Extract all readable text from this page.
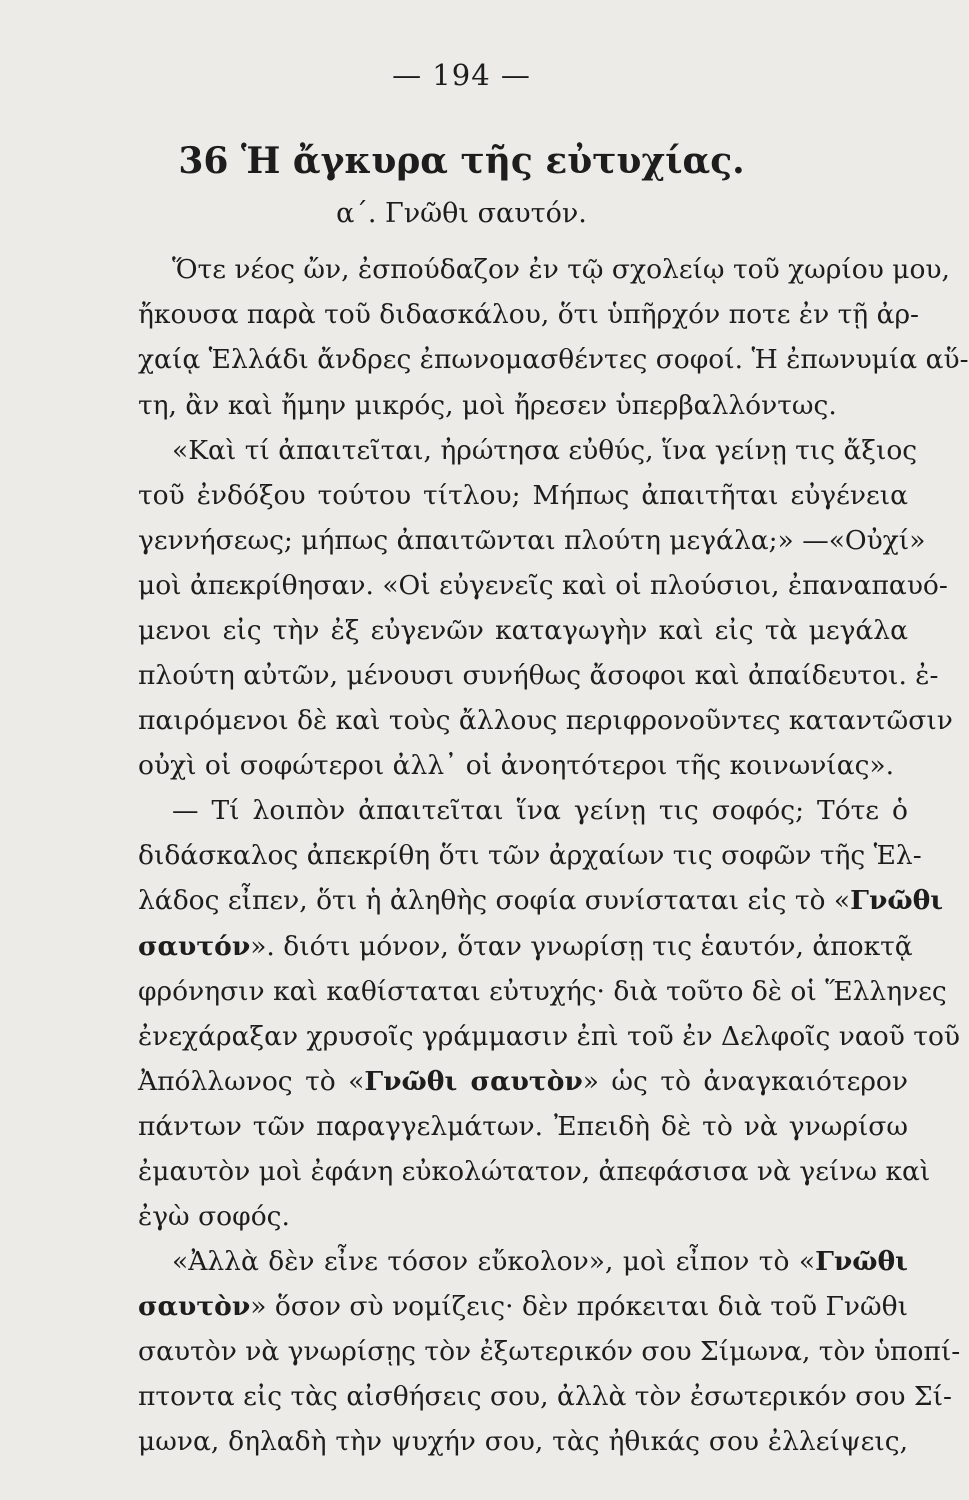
— 194 —
36 Ἡ ἄγκυρα τῆς εὐτυχίας.
α΄. Γνῶθι σαυτόν.
Ὅτε νέος ὤν, ἐσπούδαζον ἐν τῷ σχολείῳ τοῦ χωρίου μου,
ἤκουσα παρὰ τοῦ διδασκάλου, ὅτι ὑπῆρχόν ποτε ἐν τῇ ἀρ-
χαίᾳ Ἑλλάδι ἄνδρες ἐπωνομασθέντες σοφοί. Ἡ ἐπωνυμία αὕ-
τη, ἂν καὶ ἤμην μικρός, μοὶ ἤρεσεν ὑπερβαλλόντως.
«Καὶ τί ἀπαιτεῖται, ἠρώτησα εὐθύς, ἵνα γείνῃ τις ἄξιος
τοῦ ἐνδόξου τούτου τίτλου; Μήπως ἀπαιτῆται εὐγένεια
γεννήσεως; μήπως ἀπαιτῶνται πλούτη μεγάλα;» —«Οὐχί»
μοὶ ἀπεκρίθησαν. «Οἱ εὐγενεῖς καὶ οἱ πλούσιοι, ἐπαναπαυό-
μενοι εἰς τὴν ἐξ εὐγενῶν καταγωγὴν καὶ εἰς τὰ μεγάλα
πλούτη αὐτῶν, μένουσι συνήθως ἄσοφοι καὶ ἀπαίδευτοι. ἐ-
παιρόμενοι δὲ καὶ τοὺς ἄλλους περιφρονοῦντες καταντῶσιν
οὐχὶ οἱ σοφώτεροι ἀλλ᾽ οἱ ἀνοητότεροι τῆς κοινωνίας».
— Τί λοιπὸν ἀπαιτεῖται ἵνα γείνῃ τις σοφός; Τότε ὁ
διδάσκαλος ἀπεκρίθη ὅτι τῶν ἀρχαίων τις σοφῶν τῆς Ἑλ-
λάδος εἶπεν, ὅτι ἡ ἀληθὴς σοφία συνίσταται εἰς τὸ «Γνῶθι
σαυτόν». διότι μόνον, ὅταν γνωρίσῃ τις ἑαυτόν, ἀποκτᾷ
φρόνησιν καὶ καθίσταται εὐτυχής· διὰ τοῦτο δὲ οἱ Ἕλληνες
ἐνεχάραξαν χρυσοῖς γράμμασιν ἐπὶ τοῦ ἐν Δελφοῖς ναοῦ τοῦ
Ἀπόλλωνος τὸ «Γνῶθι σαυτὸν» ὡς τὸ ἀναγκαιότερον
πάντων τῶν παραγγελμάτων. Ἐπειδὴ δὲ τὸ νὰ γνωρίσω
ἐμαυτὸν μοὶ ἐφάνη εὐκολώτατον, ἀπεφάσισα νὰ γείνω καὶ
ἐγὼ σοφός.
«Ἀλλὰ δὲν εἶνε τόσον εὔκολον», μοὶ εἶπον τὸ «Γνῶθι
σαυτὸν» ὅσον σὺ νομίζεις· δὲν πρόκειται διὰ τοῦ Γνῶθι
σαυτὸν νὰ γνωρίσῃς τὸν ἐξωτερικόν σου Σίμωνα, τὸν ὑποπί-
πτοντα εἰς τὰς αἰσθήσεις σου, ἀλλὰ τὸν ἐσωτερικόν σου Σί-
μωνα, δηλαδὴ τὴν ψυχήν σου, τὰς ἠθικάς σου ἐλλείψεις,
